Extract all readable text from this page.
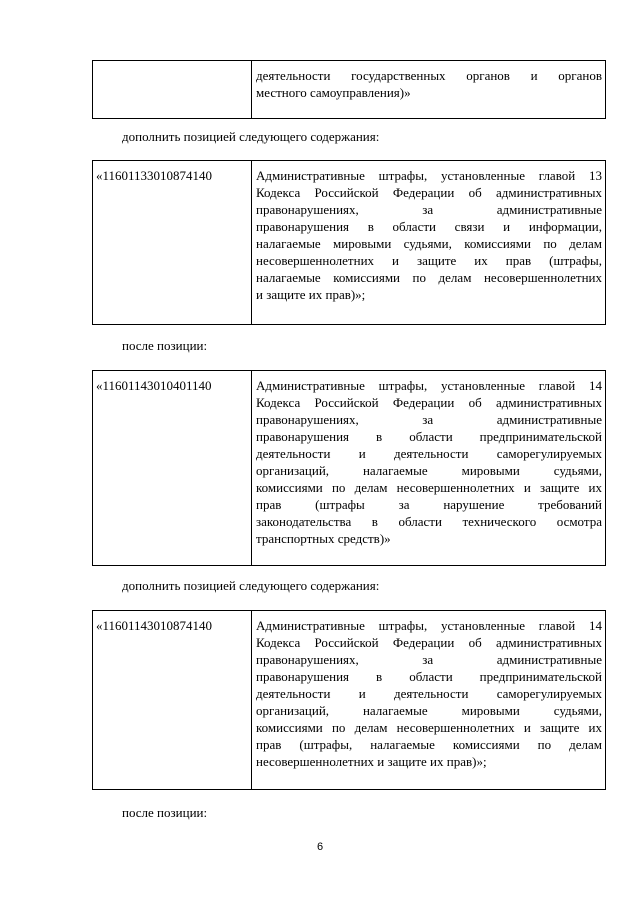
деятельности государственных органов и органов
местного самоуправления)»
дополнить позицией следующего содержания:
«11601133010874140	Административные штрафы, установленные главой 13
Кодекса Российской Федерации об административных
правонарушениях, за административные
правонарушения в области связи и информации,
налагаемые мировыми судьями, комиссиями по делам
несовершеннолетних и защите их прав (штрафы,
налагаемые комиссиями по делам несовершеннолетних
и защите их прав)»;
после позиции:
«11601143010401140	Административные штрафы, установленные главой 14
Кодекса Российской Федерации об административных
правонарушениях, за административные
правонарушения в области предпринимательской
деятельности и деятельности саморегулируемых
организаций, налагаемые мировыми судьями,
комиссиями по делам несовершеннолетних и защите их
прав (штрафы за нарушение требований
законодательства в области технического осмотра
транспортных средств)»
дополнить позицией следующего содержания:
«11601143010874140	Административные штрафы, установленные главой 14
Кодекса Российской Федерации об административных
правонарушениях, за административные
правонарушения в области предпринимательской
деятельности и деятельности саморегулируемых
организаций, налагаемые мировыми судьями,
комиссиями по делам несовершеннолетних и защите их
прав (штрафы, налагаемые комиссиями по делам
несовершеннолетних и защите их прав)»;
после позиции:
6
